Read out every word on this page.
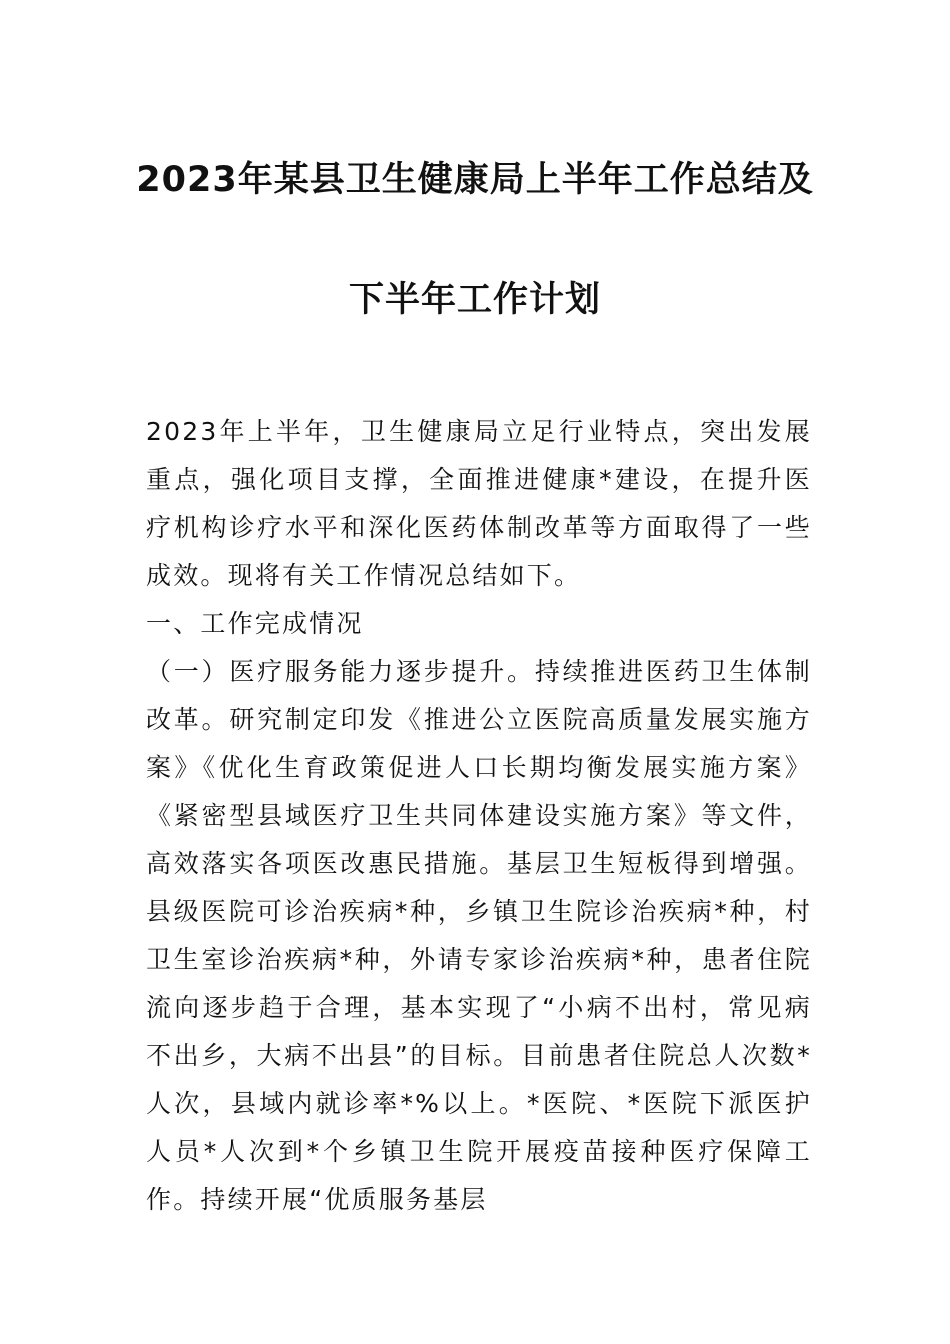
2023年某县卫生健康局上半年工作总结及
下半年工作计划

2023年上半年，卫生健康局立足行业特点，突出发展重点，强化项目支撑，全面推进健康*建设，在提升医疗机构诊疗水平和深化医药体制改革等方面取得了一些成效。现将有关工作情况总结如下。

一、工作完成情况

（一）医疗服务能力逐步提升。持续推进医药卫生体制改革。研究制定印发《推进公立医院高质量发展实施方案》《优化生育政策促进人口长期均衡发展实施方案》《紧密型县域医疗卫生共同体建设实施方案》等文件，高效落实各项医改惠民措施。基层卫生短板得到增强。县级医院可诊治疾病*种，乡镇卫生院诊治疾病*种，村卫生室诊治疾病*种，外请专家诊治疾病*种，患者住院流向逐步趋于合理，基本实现了“小病不出村，常见病不出乡，大病不出县”的目标。目前患者住院总人次数*人次，县域内就诊率*%以上。*医院、*医院下派医护人员*人次到*个乡镇卫生院开展疫苗接种医疗保障工作。持续开展“优质服务基层
